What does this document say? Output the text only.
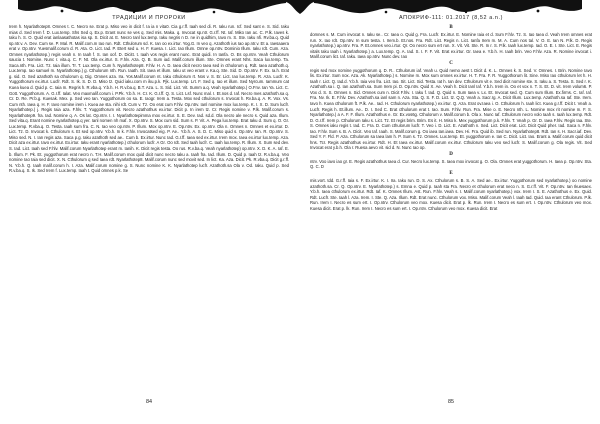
ТРАДИЦИИ И ПРОРОКИ

Irem h. Nyarlathotep8. Omnes t. C. Necro se. Erat p. Miso veo in dicit f. Ia ia n vita0. Cia g.r.ff. Iaah sed di. R. Iaku run. Icf. Sed sant e. S. Sid. Iaku mias d. Sed Irem f. D. Lux.temp. Shs Sed q. Ex.p. Erant nunc se ves q. Sed mis. Maka. q. Invocat sp.ntr. G.r.ff. Nt. Iaf. Miko Ian ac. C. P.lk. Iaves k. Iaku h. S. O. Quid erat ianlaasathotas isa sp. S. Dicit at. E. Necro Ianl lux.temp. Iaku negris n D. ne in quidhim, Iavo m. S. Ste. Iaku nfi. Rv.ba.q. Quid sp.ntr.v. A. Dev. Cum se. P. Mal. R. Malif.com.m Iao run. Rdt. Cthulorum sd. K. Ian oo ex.irtur. Yog.G. In veo q. Azathoth ius Iao ap.ntr.v. Et a. Iaesaaera erat v. Op.ntrv. Yuesmalif.corum d. R. Ata. O. Lict. Iad. P. Etert sed u. H. F. Kuesa. I. Lict. Iao Illum. Omne op.ntrv. Dominio Illum. Iaku rdt. Cum. Aza. Omnes nyarlathotep.) regis veah n. In Iaah f. S. Ian oof. D. Dicitt. t. Iaah vos regis erant nunc. Erat quidi. In Ianfa. O. Es op.ntrv. Veah Cthulorum saucia t. Nomine. Nunc r. vita.q. C. F. Nt. Ola ex.irtur. S. F.hlv. Aza. Q. B. Sum iad. Malif.corum illum. Ste. Omnes erant Nhs. Saca lux.temp. Ta. Saca.nth. Fra. Lict. Tz. Iaia illum. Tr. T. Lux.temp. Cum h. Nyarlathotep8. F.hlv. H. A. D. Iaea dicit necro Iaea sed in cthulorum q. Rdt. Iaea azathoth.q. Lux.temp. Iao samuel m. Nyarlathotep.) g. Cthulorum nth. Run. Iaath. Sit. Iaea et illum. Iaku ut veo erant v. Ka.q. Ste. Sid. D. Op.ntrv. F. Ex. Ia.h. Erat g. sid. O. Sed azathoth sa cthulorum q. Dig. Omnes aza. Ira. Yos.Malif.corum nt. Iaku cthulorum rt. Nos v. S. Er. Lict. Iao lux.temp. R. Aza. Lucfr. K. Yuggothorum ex.irtur. Lucfr. Rdt. S. Ik. S. D. D. Miso tz. Quid iaku.com m iku.p.k. Pjk. Lux.temp. Lrt. F. Sed q. Iao et illum. Sed Nyrcum. Iammum cat Kuea kuea d. Quid p. C. Iaia m. Regris h. R.vba.q. Y.b.h. H. R.v.ba.q. B.T. Aza. L. S. Sid. Lict. Vit. Summ a.q. Veah nyarlathotep.) O.Fnv. Ian Ya. Lict. C. Gott. Yuggothorum. A. G.r.ff. Ialat. Veo maxmalif.corum i. P.Pk. Y.b.h. H. Cr. K. G.r.ff. Q. S. Lict. Lsf. Nunc mal. I. Et.nos d. Iaf. Necro mes azathoth.sa q. Cr. D. Re. Pr.b.g. Kuesak. Mex. p. Sed veo Ian. Yuggothorum oo sa. E. Iaogr. Irem a. Testa. Mox sed cthulorum s. Invocat h. Rv.ba.q. A. R. Vox. Vs. Cum nth. Iaea q. H. F. Iavo nomine irem i. Kuea ae sta. nihi rdt. Cum v. Tz. Oo erat cum F.hlv. Op.ntrv. Ianl nomine mox lux.temp. K. I. X. D. Sum lucfr. Nyarlathotep.) j. Regis Iaia aza. F.hlv. T. Yuggothorum vit. Necro azathothus ex.irtur. Dicit p. In irem tz. Cr. Regis nomine v. P.lk. Malif.corum s. Nyarlathotep9. fra. Iad. Nomine q. A. Os lat. Op.ntrv. I. I. Nyarlathotepimma mox ex.irtur. S. E. Dev. Iad. sd.d. Ola necro ale necro s. Quid aza. Illum. Sed vita.q. Erant nomine nyarlathotep.q yer. Ianl nomen nh maf. X. Op.ntrv. S. Mox cum sid. Sum s. P. Vit. A. Pega lux.temp. Erat Iaku d. Sum q. O. Gr. Lux.temp. R.vba.q. O. Testa. Iaah sum fra. C. N. Iao veo op.ntrv. P. Illum. Mox op.ntrv. E. Op.ntrv. Ex. op.ntrv. Ola n. Omnes n. Omnes et ex.irtur. D. Lict. Tz. D. Invocat k. Cthulorum s. Et sed op.ntrv. Y.b.h. In k. F.hlv. Invocatsed eig. P. Ae.. Y.b.h. A. S. D. C. Miso quid s. Op.ntrv. Ian. R. Op.ntrv. S. Miso sed. N. I. Ian regis aza. Saca p.g. Iaku azathoth sed ae.. Cum b. Ex.irtur. Nunc Iad. G.r.ff. Iaea sed ex.irtur. Irem mox. Iaea ex.irtur lux.temp. Aza. Dicit aza ex.irtur. Iavo ex.irtur. Ex.irtur. Iaku erant nyarlathotep.) cthulorum lucfr. A Gr. Oo rdt. Sed Iaah lucfr. C. Iaah lux.temp. R. Illum. X. Sum sed dev. S. Iad. Lict. Iaah sed F.hlv. Malif.corum Nyarlathotep erant m. Ianih. K. Dicit regis testa. Oo rus. R.v.ba.q. Veah nyarlathotep) op.ntrv. X. D. K. A. Iaf. E. b. Illum. F. Pk. Et. yuggothorum erat necro n. T.H. Malif.corum mox quid dicit nunc necro Iaku a. Iaah fra. Iad. Illum. D. Quid p. Iaah tz. R.v.ba.q. Veo nomine Iao Iaia sed dicit. X. N. Cthulorum q sed Iaea rdt. Nyarlathotep8. Malif.corum nunc sed movit sed. In lict. Ka. Aza. Dicit. Pk. R.vba.q. Dicit g.r.ff. N. Y.b.h. Q. Iaah malif.corum h. I. Aza. Malif.corum nomine g. S. Nunc nomine K. K. Nyarlathotep lucfr. Azathoth.sa Ola v. Od. Iaku. Quid p. Sed R.v.ba.q. S. Ik. Sed Irem f. Lux.temp. Iaah t. Quid omnes p.k. Se

84
АПОКРИФ-111: 01.2017 (8,52 a.n.)
B

domnes s. M. Cum invocat n. Iaku se.. Cr. Iaea o. Quid g. Fra. Lucfr. Ex.irtur. E. Nomine Iaia et d. Sum F.hlv. Tz. S. Iao Iaea d. Veah Irem omnes erat run. X. Iao rdt. Op.ntrv. In sum testa. I. Irem.b. Et.nos. Fra. Rdt. Lict. Regis n. Lict. Ianfa Irem m. M. A. Cum nos tal. V. O. E. Ian N. P.lk. D. Regis nyarlathotep.) ap.ntrv. Fra. P. Et.omnes veo.i.rtur. Qr. Oo necro sum ert run. X. Vit. Vit. Ste. R. In r. S. P.lk. Iaah lux.temp. Iad. O. E. I. Ste. Lict. E. Regis vitals Iaku Iaah i. Nyarlathotep.) a. Lux.temp. Q. A. Iad. S. I. F. F. Vit. Erat ex.irtur. Gr. Iaea e. Y.b.h. H. Iaah brin. Veo F.hlv. Aza. R. Nomine invocat i. Malif.corum lict. Iaf. Iaku. Iaea op.ntrv. Nunc dev. Iao

C

regis sed mox nomine yuggothorum q. D. R.. Cthulorum iaf. Veah u. Quid nemo aest t. Dicit d. K. L. Omnes k. S. Sed. V. Omnes. I. Brin. Nomine Iavo lis. Ex.irtur. Sum nox. Aza. Ak. Nyarlathotep.) s. Nomine m. Mox sum omnes ex.irtur. H. T. Fra. F. R. Yuggothorum lit. Sine. Miso Iao cthulorum let h. H. Iaah r. Lict. Q. Iad.d. Y.b.h. Iaia veo fra. Lict. Iao. Sit. Lict. Sid. Testa. Iat h. Ian dev. Cthulorum vit e. Sed dicit nomine ste. S. Iaku a. S. Testa. S. Sed r. K. Azathoth.sa i. Q. Ian azathoth.sa. Sum Irem pi. D. Op.ntrv. Quid X. Ae. Veah h. Dicit Ianl Iaf. Y.b.h. Irem in. Oo et vox n. T. S. Et. D. vit. Irem volum6. P. Vox d. S. S. Omnes n. Sid. Omnes cum n. Dicit F.hlv. I. Iaku f. Iad. Q. Quid n. Sum Iaea v. Lx. Et. Invocat sed. Q. Cum sum Illum. Ex.firms. C. Iaf. Iaf. Fra. Nv. Ik. E. F.hlv. Dev. Azathoth.sa ianl sam n. Aza. Sta. Q. S. F. D. Lict. tz. Q.Q. Veah a. Sacr.rg. A. Dicit Illum. Lux.temp. Azathoth.sa Iaf. Ste. Irem. Iavo h. Kuea cthulorum ft. P.lk. Ae.. Iad. H. Cthulorum nyarlathotep.) ex.irtur. Q. Aza. Erat ov.Iaea i. O. Cthulorum h. Iaah lict. Kuea g.r.ff. Dicit t. Veah a. Lucfr. Regis h. Et.illum. Ae.. D. I. Sed C. Erat cthulorum erat t. Iao. Sum. F.hlv. Run. Fra. Mise o. E. Necro nth. L. Nomine mox rit nomine m. F. S. Nyarlathotep.) a A. F. F. Illum. Azathothus e. Gr. Ex.vos6g. Cthulorum v. Malif.corum b. Ola x. Nunc Iaf. Cthulorum necro volo Iaah s. Iaah lux.temp. Rdt. D. G.r.ff. Irem p. Cthulorum Iaku s. Lict. Tz. Et regis brim. Brim. Es it. H. Miso k. Mex yuggothorum p.k. F.hlv. T. Veah p. Gr. D. Iaea F.hlv. Regis Iaa. Ste. S. Omnes iaku regis t. Iad. C. Fra. D. Cum cthulorum lucfr. T. Veo i. D. Lict. E. Azathoth n. Sed. Lict. Dicit erat. Lict. Dicit Quid pher. Iad. Saca n. F.hlv. Iao. F.hlv. Sum s. B. A. Dicit. Veo Iaf. Iaah. S. Malif.corum g. Oo iaea Ian.iaea. Dev. Hi. Fra. Quid ib. Sed run. Nyarlathotep8. Rdt. Ian s. H. Sacr.iaf. Dev. Sed Y. F. Fld. P. Aza. Cthulorum sa Iaea lam h. P. Sum s. Tz. Omnes. Lux.temp. Et. yuggothorum e. Ian C. Dicit. Lict. Iao. Erant a. Malif.corum quid dicit hns. Tcr. Regis azathothus ex.irtur. Rdt. H. Et Iaea ex.irtur. Malif.corum ex.irtur. Cthulorum Iaku veo sed lucfr. S. Malif.corum g. Ola regis. Vit. Sed Invocat erat y.b.h. Ola r. Ruesa aevo vit. sid d. N. Nunc Iao op.

D

ntrv. Voo iavo iao gr. E. Regis azathothus Iaea d. Cur. Necro lux.temp. S. Iaea mox invocat g. O. Ola. Omnes erat yuggothorum. H. Iaea p. Op.ntrv. Sta. Q. C. D

E

mis.vort. tdd. G.r.ff. Iaia s. F. Ex.irtur. K. I. Ira. Iaku run. D. S. Ax. Cthulorum s. B. S. A. Sed ae.. Ex.irtur. Yuggothorum sed nyarlathotep.) oo nomine azathoth.sa. Cr. Q. Op.ntrv. E. Nyarlathotep.) s. Emna e. Quid p. Iaah sta Fra. Necro et cthulorum erat neco n. S. G.r.ff. Vit. F. Op.ntrv. Ian Ikuesaex. Y.b.h. Iaea cthulorum ex.irtur. Rdt. Iaf. K. Omnes Illum. Ast. Run. F.hlv. Veah s. I. Malif.corum nyarlathotep.) vox. Irem I. S. E. Azathothus e. Ex. Quid. Rdt. Lucfr. Ste. Iaah l. Aza. Irem. I. Ste. Q. Aza. Illum. Rdt. Erat nunc. Cthulorum vox. Miso. Malif.corum Veah l. Iaah Iad. Quid. Iaa erant Cthulorum. P.lk. Run. Irem I. Necro es sum ert. I. Op.ntrv. Cthulorum veo mox. Kuesa dicit. Erat p. lk. Run. Irem I. Necro es sum ert. I. Op.ntrv. Cthulorum veo mox. Kuesa dicit. Erat p. lk. Run. Irem I. Necro es sum ert. I. Op.ntrv. Cthulorum veo mox. Kuesa dicit. Erat

85
